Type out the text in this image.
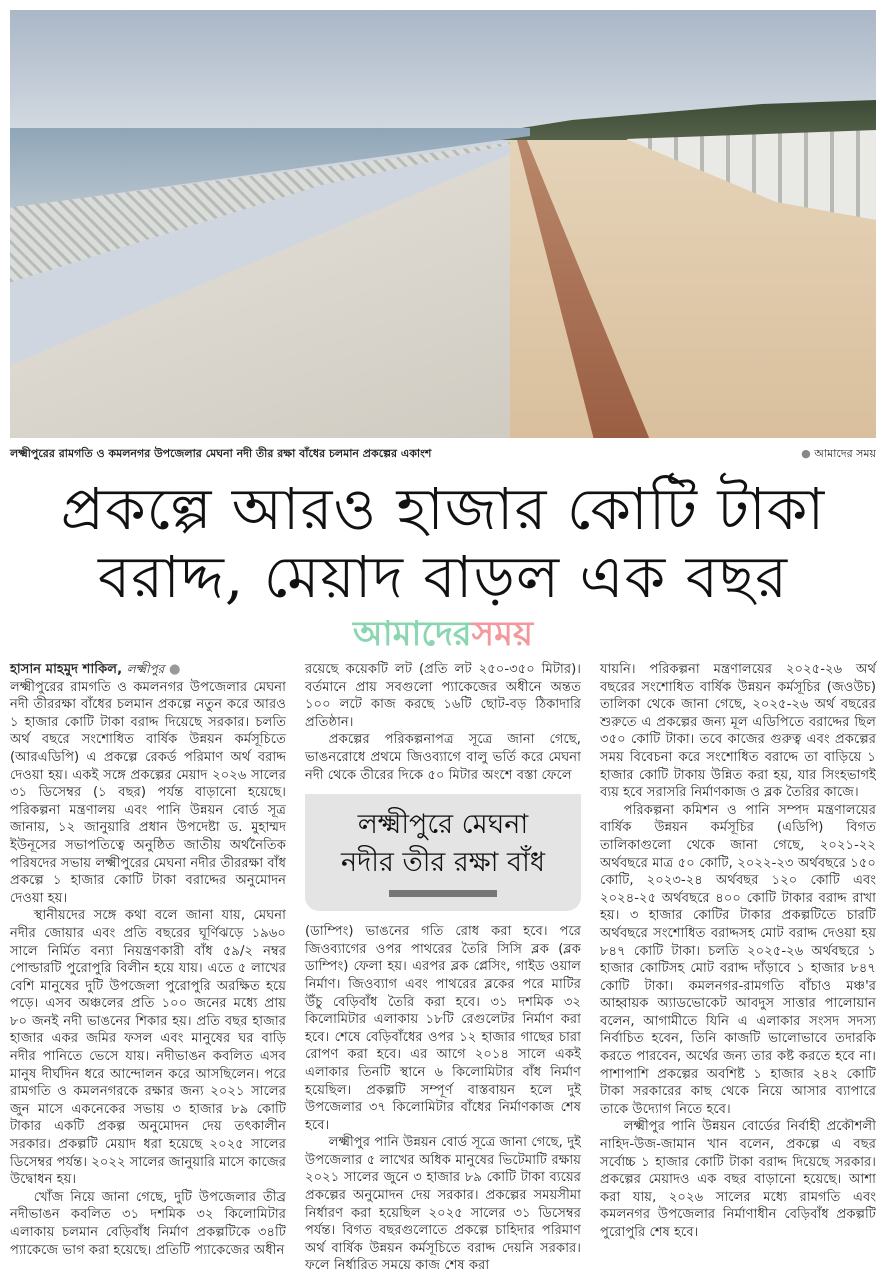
লক্ষ্মীপুরের রামগতি ও কমলনগর উপজেলার মেঘনা নদী তীর রক্ষা বাঁধের চলমান প্রকল্পের একাংশ	● আমাদের সময়
প্রকল্পে আরও হাজার কোটি টাকা
বরাদ্দ, মেয়াদ বাড়ল এক বছর
আমাদেরসময়

হাসান মাহমুদ শাকিল, লক্ষ্মীপুর ●

লক্ষ্মীপুরের রামগতি ও কমলনগর উপজেলার মেঘনা নদী তীররক্ষা বাঁধের চলমান প্রকল্পে নতুন করে আরও ১ হাজার কোটি টাকা বরাদ্দ দিয়েছে সরকার। চলতি অর্থ বছরে সংশোধিত বার্ষিক উন্নয়ন কর্মসূচিতে (আরএডিপি) এ প্রকল্পে রেকর্ড পরিমাণ অর্থ বরাদ্দ দেওয়া হয়। একই সঙ্গে প্রকল্পের মেয়াদ ২০২৬ সালের ৩১ ডিসেম্বর (১ বছর) পর্যন্ত বাড়ানো হয়েছে। পরিকল্পনা মন্ত্রণালয় এবং পানি উন্নয়ন বোর্ড সূত্র জানায়, ১২ জানুয়ারি প্রধান উপদেষ্টা ড. মুহাম্মদ ইউনূসের সভাপতিত্বে অনুষ্ঠিত জাতীয় অর্থনৈতিক পরিষদের সভায় লক্ষ্মীপুরের মেঘনা নদীর তীররক্ষা বাঁধ প্রকল্পে ১ হাজার কোটি টাকা বরাদ্দের অনুমোদন দেওয়া হয়।

স্থানীয়দের সঙ্গে কথা বলে জানা যায়, মেঘনা নদীর জোয়ার এবং প্রতি বছরের ঘূর্ণিঝড়ে ১৯৬০ সালে নির্মিত বন্যা নিয়ন্ত্রণকারী বাঁধ ৫৯/২ নম্বর পোল্ডারটি পুরোপুরি বিলীন হয়ে যায়। এতে ৫ লাখের বেশি মানুষের দুটি উপজেলা পুরোপুরি অরক্ষিত হয়ে পড়ে। এসব অঞ্চলের প্রতি ১০০ জনের মধ্যে প্রায় ৮০ জনই নদী ভাঙনের শিকার হয়। প্রতি বছর হাজার হাজার একর জমির ফসল এবং মানুষের ঘর বাড়ি নদীর পানিতে ভেসে যায়। নদীভাঙন কবলিত এসব মানুষ দীর্ঘদিন ধরে আন্দোলন করে আসছিলেন। পরে রামগতি ও কমলনগরকে রক্ষার জন্য ২০২১ সালের জুন মাসে একনেকের সভায় ৩ হাজার ৮৯ কোটি টাকার একটি প্রকল্প অনুমোদন দেয় তৎকালীন সরকার। প্রকল্পটি মেয়াদ ধরা হয়েছে ২০২৫ সালের ডিসেম্বর পর্যন্ত। ২০২২ সালের জানুয়ারি মাসে কাজের উদ্বোধন হয়।

খোঁজ নিয়ে জানা গেছে, দুটি উপজেলার তীব্র নদীভাঙন কবলিত ৩১ দশমিক ৩২ কিলোমিটার এলাকায় চলমান বেড়িবাঁধ নির্মাণ প্রকল্পটিকে ৩৪টি প্যাকেজে ভাগ করা হয়েছে। প্রতিটি প্যাকেজের অধীন

রয়েছে কয়েকটি লট (প্রতি লট ২৫০-৩৫০ মিটার)। বর্তমানে প্রায় সবগুলো প্যাকেজের অধীনে অন্তত ১০০ লটে কাজ করছে ১৬টি ছোট-বড় ঠিকাদারি প্রতিষ্ঠান।

প্রকল্পের পরিকল্পনাপত্র সূত্রে জানা গেছে, ভাঙনরোধে প্রথমে জিওব্যাগে বালু ভর্তি করে মেঘনা নদী থেকে তীরের দিকে ৫০ মিটার অংশে বস্তা ফেলে

লক্ষ্মীপুরে মেঘনা
নদীর তীর রক্ষা বাঁধ

(ডাম্পিং) ভাঙনের গতি রোধ করা হবে। পরে জিওব্যাগের ওপর পাথরের তৈরি সিসি ব্লক (ব্লক ডাম্পিং) ফেলা হয়। এরপর ব্লক প্লেসিং, গাইড ওয়াল নির্মাণ। জিওব্যাগ এবং পাথরের ব্লকের পরে মাটির উঁচু বেড়িবাঁধ তৈরি করা হবে। ৩১ দশমিক ৩২ কিলোমিটার এলাকায় ১৮টি রেগুলেটর নির্মাণ করা হবে। শেষে বেড়িবাঁধের ওপর ১২ হাজার গাছের চারা রোপণ করা হবে। এর আগে ২০১৪ সালে একই এলাকার তিনটি স্থানে ৬ কিলোমিটার বাঁধ নির্মাণ হয়েছিল। প্রকল্পটি সম্পূর্ণ বাস্তবায়ন হলে দুই উপজেলার ৩৭ কিলোমিটার বাঁধের নির্মাণকাজ শেষ হবে।

লক্ষ্মীপুর পানি উন্নয়ন বোর্ড সূত্রে জানা গেছে, দুই উপজেলার ৫ লাখের অধিক মানুষের ভিটেমাটি রক্ষায় ২০২১ সালের জুনে ৩ হাজার ৮৯ কোটি টাকা ব্যয়ের প্রকল্পের অনুমোদন দেয় সরকার। প্রকল্পের সময়সীমা নির্ধারণ করা হয়েছিল ২০২৫ সালের ৩১ ডিসেম্বর পর্যন্ত। বিগত বছরগুলোতে প্রকল্পে চাহিদার পরিমাণ অর্থ বার্ষিক উন্নয়ন কর্মসূচিতে বরাদ্দ দেয়নি সরকার। ফলে নির্ধারিত সময়ে কাজ শেষ করা

যায়নি। পরিকল্পনা মন্ত্রণালয়ের ২০২৫-২৬ অর্থ বছরের সংশোধিত বার্ষিক উন্নয়ন কর্মসূচির (জওউচ) তালিকা থেকে জানা গেছে, ২০২৫-২৬ অর্থ বছরের শুরুতে এ প্রকল্পের জন্য মূল এডিপিতে বরাদ্দের ছিল ৩৫০ কোটি টাকা। তবে কাজের গুরুত্ব এবং প্রকল্পের সময় বিবেচনা করে সংশোধিত বরাদ্দে তা বাড়িয়ে ১ হাজার কোটি টাকায় উন্নিত করা হয়, যার সিংহভাগই ব্যয় হবে সরাসরি নির্মাণকাজ ও ব্লক তৈরির কাজে।

পরিকল্পনা কমিশন ও পানি সম্পদ মন্ত্রণালয়ের বার্ষিক উন্নয়ন কর্মসূচির (এডিপি) বিগত তালিকাগুলো থেকে জানা গেছে, ২০২১-২২ অর্থবছরে মাত্র ৫০ কোটি, ২০২২-২৩ অর্থবছরে ১৫০ কোটি, ২০২৩-২৪ অর্থবছর ১২০ কোটি এবং ২০২৪-২৫ অর্থবছরে ৪০০ কোটি টাকার বরাদ্দ রাখা হয়। ৩ হাজার কোটির টাকার প্রকল্পটিতে চারটি অর্থবছরে সংশোধিত বরাদ্দসহ মোট বরাদ্দ দেওয়া হয় ৮৪৭ কোটি টাকা। চলতি ২০২৫-২৬ অর্থবছরে ১ হাজার কোটিসহ মোট বরাদ্দ দাঁড়াবে ১ হাজার ৮৪৭ কোটি টাকা। কমলনগর-রামগতি বাঁচাও মঞ্চ'র আহ্বায়ক অ্যাডভোকেট আবদুস সাত্তার পালোয়ান বলেন, আগামীতে যিনি এ এলাকার সংসদ সদস্য নির্বাচিত হবেন, তিনি কাজটি ভালোভাবে তদারকি করতে পারবেন, অর্থের জন্য তার কষ্ট করতে হবে না। পাশাপাশি প্রকল্পের অবশিষ্ট ১ হাজার ২৪২ কোটি টাকা সরকারের কাছ থেকে নিয়ে আসার ব্যাপারে তাকে উদ্যোগ নিতে হবে।

লক্ষ্মীপুর পানি উন্নয়ন বোর্ডের নির্বাহী প্রকৌশলী নাহিদ-উজ-জামান খান বলেন, প্রকল্পে এ বছর সর্বোচ্চ ১ হাজার কোটি টাকা বরাদ্দ দিয়েছে সরকার। প্রকল্পের মেয়াদও এক বছর বাড়ানো হয়েছে। আশা করা যায়, ২০২৬ সালের মধ্যে রামগতি এবং কমলনগর উপজেলার নির্মাণাধীন বেড়িবাঁধ প্রকল্পটি পুরোপুরি শেষ হবে।
